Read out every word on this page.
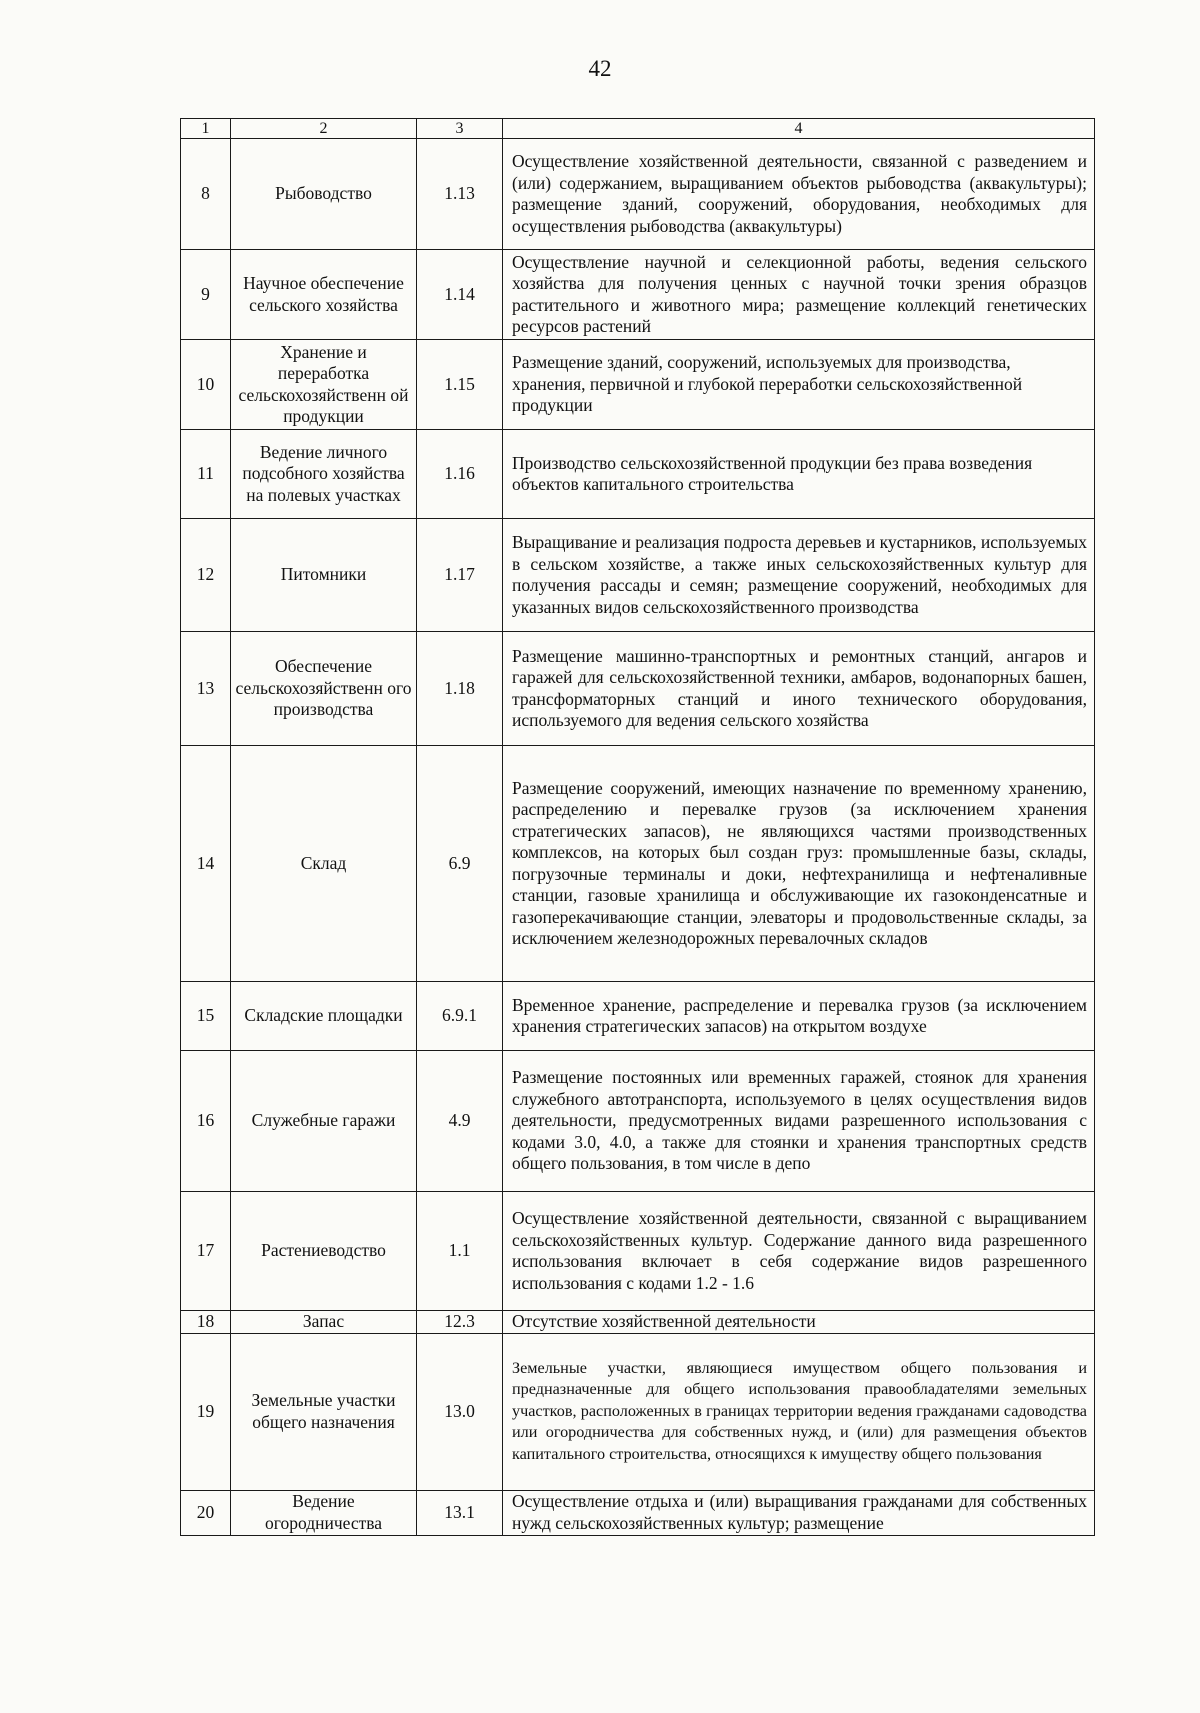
42
1	2	3	4
8	Рыбоводство	1.13	Осуществление хозяйственной деятельности, связанной с разведением и (или) содержанием, выращиванием объектов рыбоводства (аквакультуры); размещение зданий, сооружений, оборудования, необходимых для осуществления рыбоводства (аквакультуры)
9	Научное обеспечение сельского хозяйства	1.14	Осуществление научной и селекционной работы, ведения сельского хозяйства для получения ценных с научной точки зрения образцов растительного и животного мира; размещение коллекций генетических ресурсов растений
10	Хранение и переработка сельскохозяйственн ой продукции	1.15	Размещение зданий, сооружений, используемых для производства, хранения, первичной и глубокой переработки сельскохозяйственной продукции
11	Ведение личного подсобного хозяйства на полевых участках	1.16	Производство сельскохозяйственной продукции без права возведения объектов капитального строительства
12	Питомники	1.17	Выращивание и реализация подроста деревьев и кустарников, используемых в сельском хозяйстве, а также иных сельскохозяйственных культур для получения рассады и семян; размещение сооружений, необходимых для указанных видов сельскохозяйственного производства
13	Обеспечение сельскохозяйственн ого производства	1.18	Размещение машинно-транспортных и ремонтных станций, ангаров и гаражей для сельскохозяйственной техники, амбаров, водонапорных башен, трансформаторных станций и иного технического оборудования, используемого для ведения сельского хозяйства
14	Склад	6.9	Размещение сооружений, имеющих назначение по временному хранению, распределению и перевалке грузов (за исключением хранения стратегических запасов), не являющихся частями производственных комплексов, на которых был создан груз: промышленные базы, склады, погрузочные терминалы и доки, нефтехранилища и нефтеналивные станции, газовые хранилища и обслуживающие их газоконденсатные и газоперекачивающие станции, элеваторы и продовольственные склады, за исключением железнодорожных перевалочных складов
15	Складские площадки	6.9.1	Временное хранение, распределение и перевалка грузов (за исключением хранения стратегических запасов) на открытом воздухе
16	Служебные гаражи	4.9	Размещение постоянных или временных гаражей, стоянок для хранения служебного автотранспорта, используемого в целях осуществления видов деятельности, предусмотренных видами разрешенного использования с кодами 3.0, 4.0, а также для стоянки и хранения транспортных средств общего пользования, в том числе в депо
17	Растениеводство	1.1	Осуществление хозяйственной деятельности, связанной с выращиванием сельскохозяйственных культур. Содержание данного вида разрешенного использования включает в себя содержание видов разрешенного использования с кодами 1.2 - 1.6
18	Запас	12.3	Отсутствие хозяйственной деятельности
19	Земельные участки общего назначения	13.0	Земельные участки, являющиеся имуществом общего пользования и предназначенные для общего использования правообладателями земельных участков, расположенных в границах территории ведения гражданами садоводства или огородничества для собственных нужд, и (или) для размещения объектов капитального строительства, относящихся к имуществу общего пользования
20	Ведение огородничества	13.1	Осуществление отдыха и (или) выращивания гражданами для собственных нужд сельскохозяйственных культур; размещение
